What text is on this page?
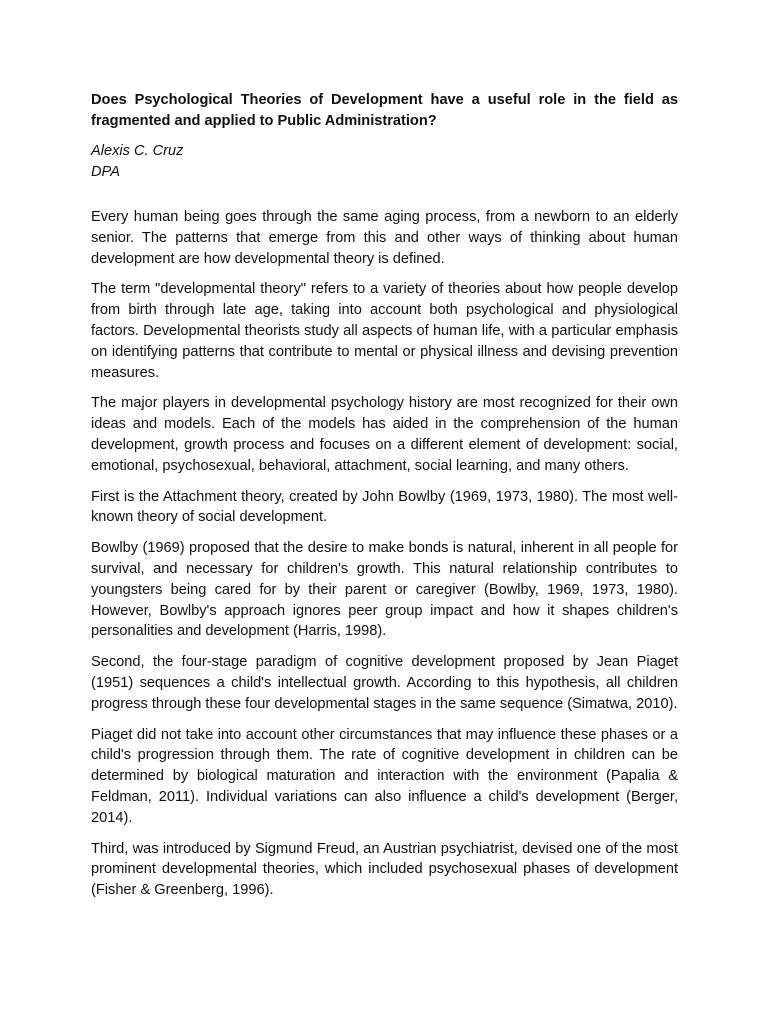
Does Psychological Theories of Development have a useful role in the field as fragmented and applied to Public Administration?
Alexis C. Cruz
DPA

Every human being goes through the same aging process, from a newborn to an elderly senior. The patterns that emerge from this and other ways of thinking about human development are how developmental theory is defined.

The term "developmental theory" refers to a variety of theories about how people develop from birth through late age, taking into account both psychological and physiological factors. Developmental theorists study all aspects of human life, with a particular emphasis on identifying patterns that contribute to mental or physical illness and devising prevention measures.

The major players in developmental psychology history are most recognized for their own ideas and models. Each of the models has aided in the comprehension of the human development, growth process and focuses on a different element of development: social, emotional, psychosexual, behavioral, attachment, social learning, and many others.

First is the Attachment theory, created by John Bowlby (1969, 1973, 1980). The most well-known theory of social development.

Bowlby (1969) proposed that the desire to make bonds is natural, inherent in all people for survival, and necessary for children's growth. This natural relationship contributes to youngsters being cared for by their parent or caregiver (Bowlby, 1969, 1973, 1980). However, Bowlby's approach ignores peer group impact and how it shapes children's personalities and development (Harris, 1998).

Second, the four-stage paradigm of cognitive development proposed by Jean Piaget (1951) sequences a child's intellectual growth. According to this hypothesis, all children progress through these four developmental stages in the same sequence (Simatwa, 2010).

Piaget did not take into account other circumstances that may influence these phases or a child's progression through them. The rate of cognitive development in children can be determined by biological maturation and interaction with the environment (Papalia & Feldman, 2011). Individual variations can also influence a child's development (Berger, 2014).

Third, was introduced by Sigmund Freud, an Austrian psychiatrist, devised one of the most prominent developmental theories, which included psychosexual phases of development (Fisher & Greenberg, 1996).
